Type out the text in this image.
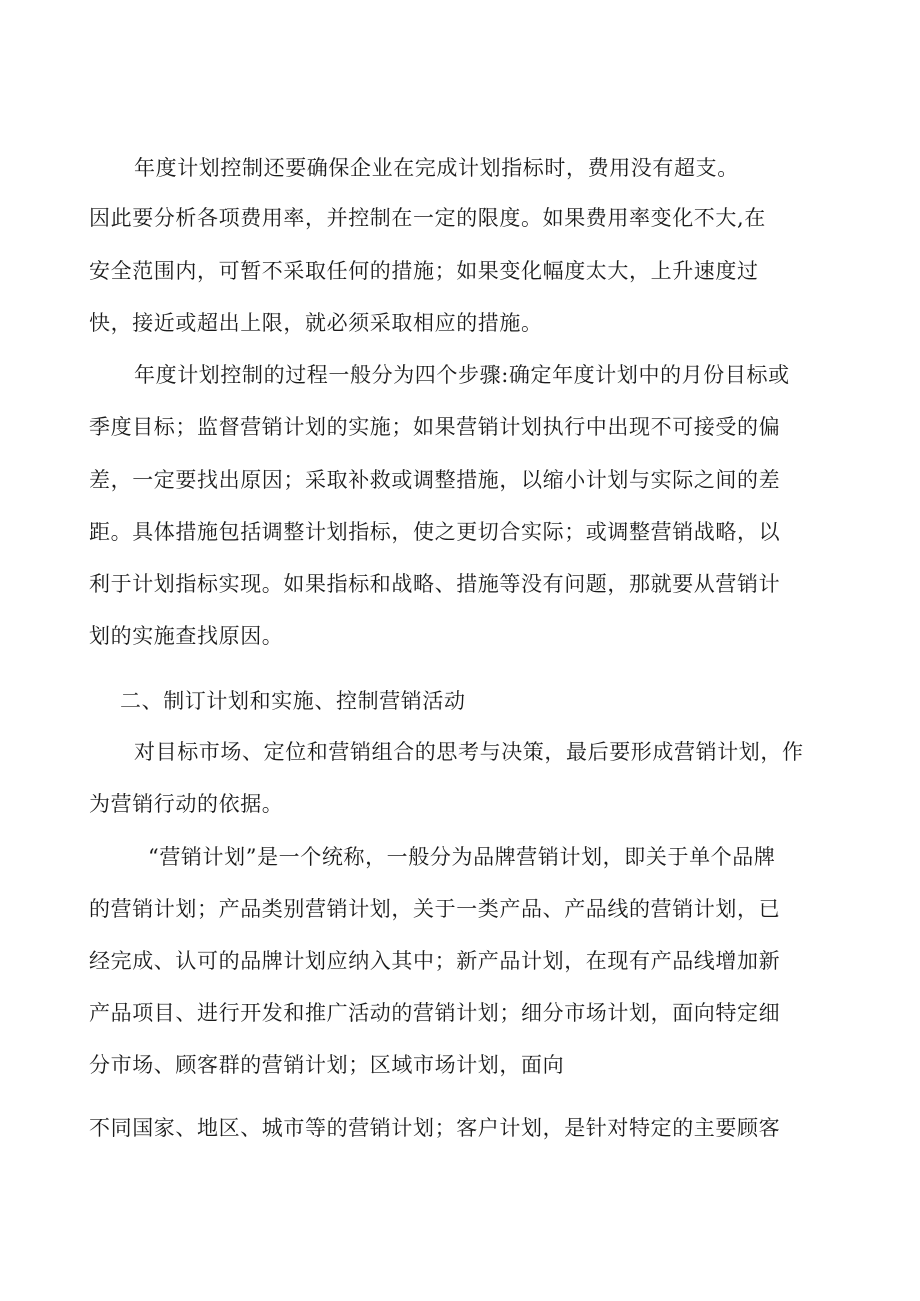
年度计划控制还要确保企业在完成计划指标时，费用没有超支。
因此要分析各项费用率，并控制在一定的限度。如果费用率变化不大,在
安全范围内，可暂不采取任何的措施；如果变化幅度太大，上升速度过
快，接近或超出上限，就必须采取相应的措施。
年度计划控制的过程一般分为四个步骤:确定年度计划中的月份目标或
季度目标；监督营销计划的实施；如果营销计划执行中出现不可接受的偏
差，一定要找出原因；采取补救或调整措施，以缩小计划与实际之间的差
距。具体措施包括调整计划指标，使之更切合实际；或调整营销战略，以
利于计划指标实现。如果指标和战略、措施等没有问题，那就要从营销计
划的实施查找原因。
二、制订计划和实施、控制营销活动
对目标市场、定位和营销组合的思考与决策，最后要形成营销计划，作
为营销行动的依据。
“营销计划”是一个统称，一般分为品牌营销计划，即关于单个品牌
的营销计划；产品类别营销计划，关于一类产品、产品线的营销计划，已
经完成、认可的品牌计划应纳入其中；新产品计划，在现有产品线增加新
产品项目、进行开发和推广活动的营销计划；细分市场计划，面向特定细
分市场、顾客群的营销计划；区域市场计划，面向
不同国家、地区、城市等的营销计划；客户计划，是针对特定的主要顾客
